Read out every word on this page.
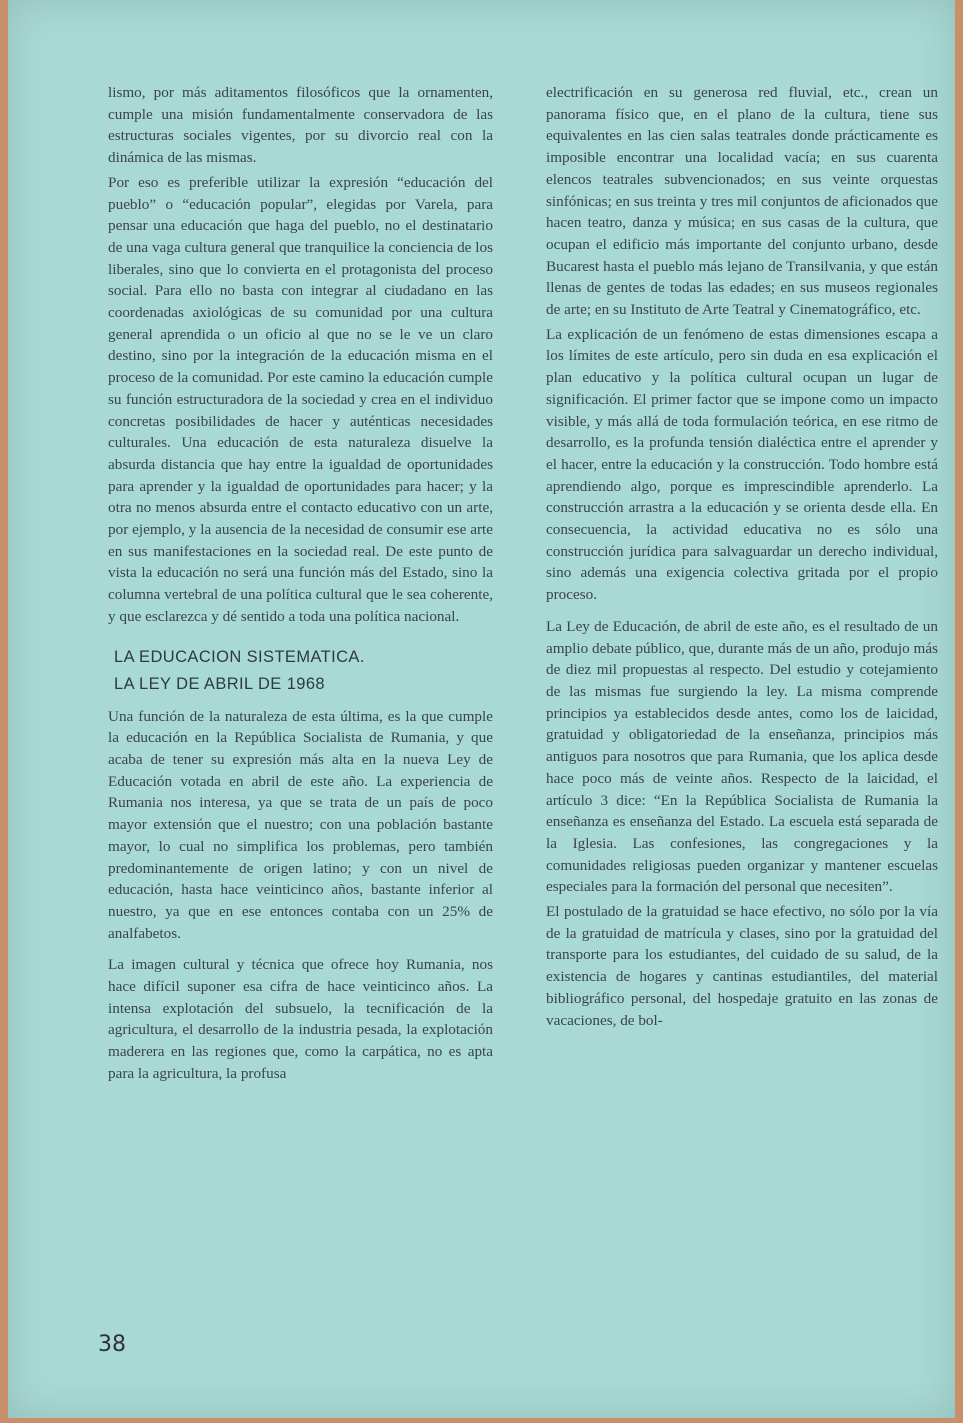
lismo, por más aditamentos filosóficos que la ornamenten, cumple una misión fundamentalmente conservadora de las estructuras sociales vigentes, por su divorcio real con la dinámica de las mismas.

Por eso es preferible utilizar la expresión “educación del pueblo” o “educación popular”, elegidas por Varela, para pensar una educación que haga del pueblo, no el destinatario de una vaga cultura general que tranquilice la conciencia de los liberales, sino que lo convierta en el protagonista del proceso social. Para ello no basta con integrar al ciudadano en las coordenadas axiológicas de su comunidad por una cultura general aprendida o un oficio al que no se le ve un claro destino, sino por la integración de la educación misma en el proceso de la comunidad. Por este camino la educación cumple su función estructuradora de la sociedad y crea en el individuo concretas posibilidades de hacer y auténticas necesidades culturales. Una educación de esta naturaleza disuelve la absurda distancia que hay entre la igualdad de oportunidades para aprender y la igualdad de oportunidades para hacer; y la otra no menos absurda entre el contacto educativo con un arte, por ejemplo, y la ausencia de la necesidad de consumir ese arte en sus manifestaciones en la sociedad real. De este punto de vista la educación no será una función más del Estado, sino la columna vertebral de una política cultural que le sea coherente, y que esclarezca y dé sentido a toda una política nacional.

LA EDUCACION SISTEMATICA.
LA LEY DE ABRIL DE 1968

Una función de la naturaleza de esta última, es la que cumple la educación en la República Socialista de Rumania, y que acaba de tener su expresión más alta en la nueva Ley de Educación votada en abril de este año. La experiencia de Rumania nos interesa, ya que se trata de un país de poco mayor extensión que el nuestro; con una población bastante mayor, lo cual no simplifica los problemas, pero también predominantemente de origen latino; y con un nivel de educación, hasta hace veinticinco años, bastante inferior al nuestro, ya que en ese entonces contaba con un 25% de analfabetos.

La imagen cultural y técnica que ofrece hoy Rumania, nos hace difícil suponer esa cifra de hace veinticinco años. La intensa explotación del subsuelo, la tecnificación de la agricultura, el desarrollo de la industria pesada, la explotación maderera en las regiones que, como la carpática, no es apta para la agricultura, la profusa

electrificación en su generosa red fluvial, etc., crean un panorama físico que, en el plano de la cultura, tiene sus equivalentes en las cien salas teatrales donde prácticamente es imposible encontrar una localidad vacía; en sus cuarenta elencos teatrales subvencionados; en sus veinte orquestas sinfónicas; en sus treinta y tres mil conjuntos de aficionados que hacen teatro, danza y música; en sus casas de la cultura, que ocupan el edificio más importante del conjunto urbano, desde Bucarest hasta el pueblo más lejano de Transilvania, y que están llenas de gentes de todas las edades; en sus museos regionales de arte; en su Instituto de Arte Teatral y Cinematográfico, etc.

La explicación de un fenómeno de estas dimensiones escapa a los límites de este artículo, pero sin duda en esa explicación el plan educativo y la política cultural ocupan un lugar de significación. El primer factor que se impone como un impacto visible, y más allá de toda formulación teórica, en ese ritmo de desarrollo, es la profunda tensión dialéctica entre el aprender y el hacer, entre la educación y la construcción. Todo hombre está aprendiendo algo, porque es imprescindible aprenderlo. La construcción arrastra a la educación y se orienta desde ella. En consecuencia, la actividad educativa no es sólo una construcción jurídica para salvaguardar un derecho individual, sino además una exigencia colectiva gritada por el propio proceso.

La Ley de Educación, de abril de este año, es el resultado de un amplio debate público, que, durante más de un año, produjo más de diez mil propuestas al respecto. Del estudio y cotejamiento de las mismas fue surgiendo la ley. La misma comprende principios ya establecidos desde antes, como los de laicidad, gratuidad y obligatoriedad de la enseñanza, principios más antiguos para nosotros que para Rumania, que los aplica desde hace poco más de veinte años. Respecto de la laicidad, el artículo 3 dice: “En la República Socialista de Rumania la enseñanza es enseñanza del Estado. La escuela está separada de la Iglesia. Las confesiones, las congregaciones y la comunidades religiosas pueden organizar y mantener escuelas especiales para la formación del personal que necesiten”.

El postulado de la gratuidad se hace efectivo, no sólo por la vía de la gratuidad de matrícula y clases, sino por la gratuidad del transporte para los estudiantes, del cuidado de su salud, de la existencia de hogares y cantinas estudiantiles, del material bibliográfico personal, del hospedaje gratuito en las zonas de vacaciones, de bol-

38
